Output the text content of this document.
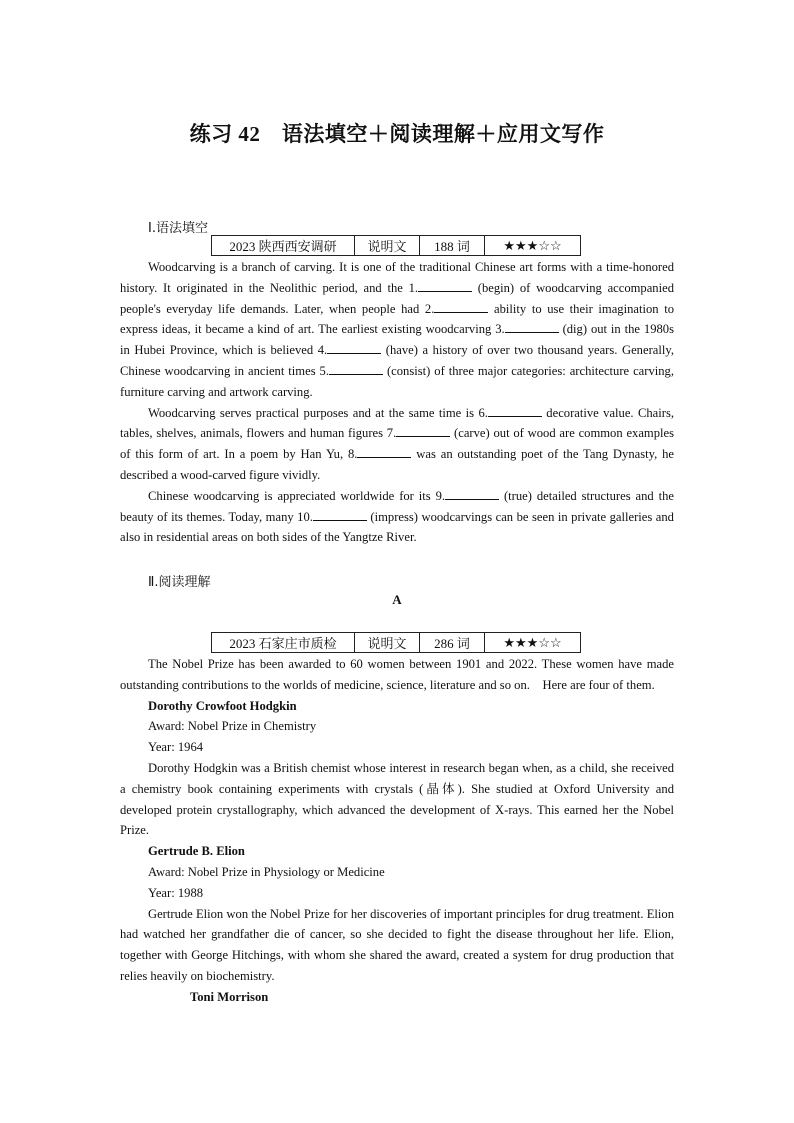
练习 42　语法填空＋阅读理解＋应用文写作
Ⅰ.语法填空
2023 陕西西安调研	说明文	188 词	★★★☆☆

Woodcarving is a branch of carving. It is one of the traditional Chinese art forms with a time-honored history. It originated in the Neolithic period, and the 1.	(begin) of woodcarving accompanied people's everyday life demands. Later, when people had 2.	ability to use their imagination to express ideas, it became a kind of art. The earliest existing woodcarving 3.	(dig) out in the 1980s in Hubei Province, which is believed 4.	(have) a history of over two thousand years. Generally, Chinese woodcarving in ancient times 5.	(consist) of three major categories: architecture carving, furniture carving and artwork carving.

Woodcarving serves practical purposes and at the same time is 6.	decorative value. Chairs, tables, shelves, animals, flowers and human figures 7.	(carve) out of wood are common examples of this form of art. In a poem by Han Yu, 8.	was an outstanding poet of the Tang Dynasty, he described a wood-carved figure vividly.

Chinese woodcarving is appreciated worldwide for its 9.	(true) detailed structures and the beauty of its themes. Today, many 10.	(impress) woodcarvings can be seen in private galleries and also in residential areas on both sides of the Yangtze River.

Ⅱ.阅读理解
A
2023 石家庄市质检	说明文	286 词	★★★☆☆

The Nobel Prize has been awarded to 60 women between 1901 and 2022. These women have made outstanding contributions to the worlds of medicine, science, literature and so on.　Here are four of them.

Dorothy Crowfoot Hodgkin

Award: Nobel Prize in Chemistry

Year: 1964

Dorothy Hodgkin was a British chemist whose interest in research began when, as a child, she received a chemistry book containing experiments with crystals (晶体). She studied at Oxford University and developed protein crystallography, which advanced the development of X-rays. This earned her the Nobel Prize.

Gertrude B. Elion

Award: Nobel Prize in Physiology or Medicine

Year: 1988

Gertrude Elion won the Nobel Prize for her discoveries of important principles for drug treatment. Elion had watched her grandfather die of cancer, so she decided to fight the disease throughout her life. Elion,　together with George Hitchings, with whom she shared the award, created a system for drug production that relies heavily on biochemistry.

Toni Morrison
